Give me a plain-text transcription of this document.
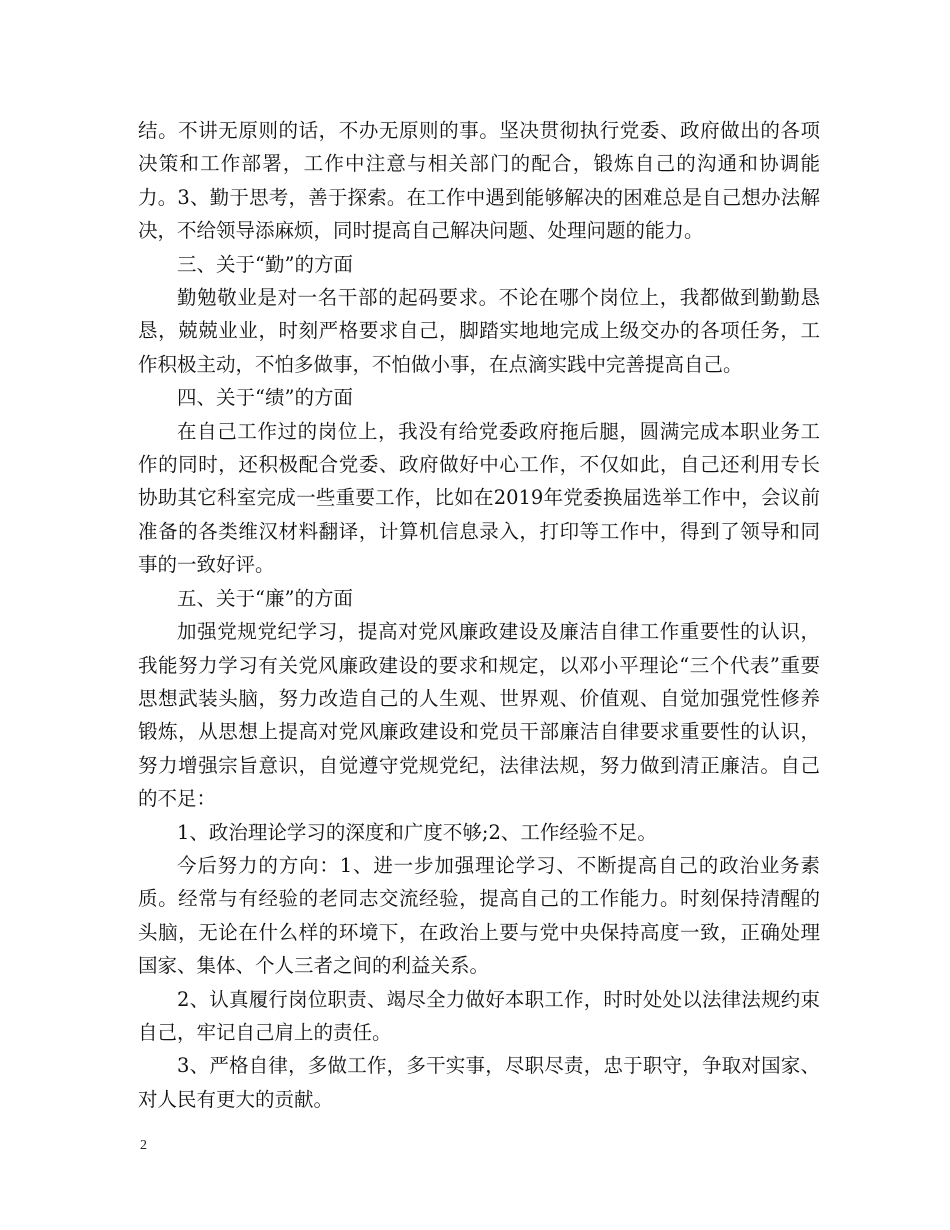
结。不讲无原则的话，不办无原则的事。坚决贯彻执行党委、政府做出的各项决策和工作部署，工作中注意与相关部门的配合，锻炼自己的沟通和协调能力。3、勤于思考，善于探索。在工作中遇到能够解决的困难总是自己想办法解决，不给领导添麻烦，同时提高自己解决问题、处理问题的能力。

三、关于“勤”的方面

勤勉敬业是对一名干部的起码要求。不论在哪个岗位上，我都做到勤勤恳恳，兢兢业业，时刻严格要求自己，脚踏实地地完成上级交办的各项任务，工作积极主动，不怕多做事，不怕做小事，在点滴实践中完善提高自己。

四、关于“绩”的方面

在自己工作过的岗位上，我没有给党委政府拖后腿，圆满完成本职业务工作的同时，还积极配合党委、政府做好中心工作，不仅如此，自己还利用专长协助其它科室完成一些重要工作，比如在2019年党委换届选举工作中，会议前准备的各类维汉材料翻译，计算机信息录入，打印等工作中，得到了领导和同事的一致好评。

五、关于“廉”的方面

加强党规党纪学习，提高对党风廉政建设及廉洁自律工作重要性的认识，我能努力学习有关党风廉政建设的要求和规定，以邓小平理论“三个代表”重要思想武装头脑，努力改造自己的人生观、世界观、价值观、自觉加强党性修养锻炼，从思想上提高对党风廉政建设和党员干部廉洁自律要求重要性的认识，努力增强宗旨意识，自觉遵守党规党纪，法律法规，努力做到清正廉洁。自己的不足：

1、政治理论学习的深度和广度不够;2、工作经验不足。

今后努力的方向：1、进一步加强理论学习、不断提高自己的政治业务素质。经常与有经验的老同志交流经验，提高自己的工作能力。时刻保持清醒的头脑，无论在什么样的环境下，在政治上要与党中央保持高度一致，正确处理国家、集体、个人三者之间的利益关系。

2、认真履行岗位职责、竭尽全力做好本职工作，时时处处以法律法规约束自己，牢记自己肩上的责任。

3、严格自律，多做工作，多干实事，尽职尽责，忠于职守，争取对国家、对人民有更大的贡献。

2
